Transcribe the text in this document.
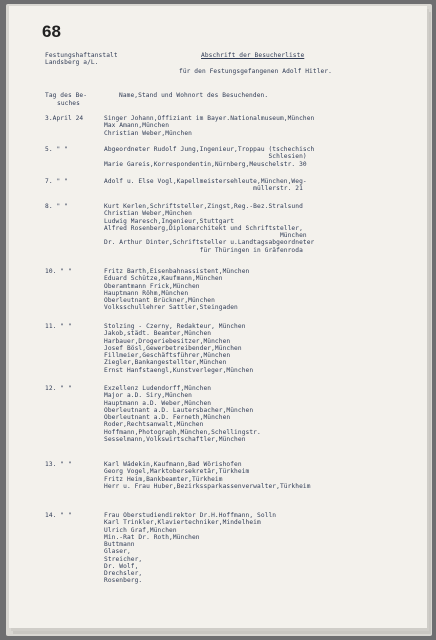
68
Festungshaftanstalt
Landsberg a/L.
Abschrift der Besucherliste
für den Festungsgefangenen Adolf Hitler.
Tag des Be-
suches
Name,Stand und Wohnort des Besuchenden.
3.April 24	Singer Johann,Offiziant im Bayer.Nationalmuseum,München
Max Amann,München
Christian Weber,München
5. " "	Abgeordneter Rudolf Jung,Ingenieur,Troppau (tschechisch
Schlesien)
Marie Gareis,Korrespondentin,Nürnberg,Meuschelstr. 30
7. " "	Adolf u. Else Vogl,Kapellmeistersehleute,München,Weg-
müllerstr. 21
8. " "	Kurt Kerlen,Schriftsteller,Zingst,Reg.-Bez.Stralsund
Christian Weber,München
Ludwig Maresch,Ingenieur,Stuttgart
Alfred Rosenberg,Diplomarchitekt und Schriftsteller,
München
Dr. Arthur Dinter,Schriftsteller u.Landtagsabgeordneter
für Thüringen in Gräfenroda
10. " "	Fritz Barth,Eisenbahnassistent,München
Eduard Schütze,Kaufmann,München
Oberamtmann Frick,München
Hauptmann Röhm,München
Oberleutnant Brückner,München
Volksschullehrer Sattler,Steingaden
11. " "	Stolzing - Czerny, Redakteur, München
Jakob,städt. Beamter,München
Harbauer,Drogeriebesitzer,München
Josef Bösl,Gewerbetreibender,München
Fillmeier,Geschäftsführer,München
Ziegler,Bankangestellter,München
Ernst Hanfstaengl,Kunstverleger,München
12. " "	Exzellenz Ludendorff,München
Major a.D. Siry,München
Hauptmann a.D. Weber,München
Oberleutnant a.D. Lautersbacher,München
Oberleutnant a.D. Ferneth,München
Roder,Rechtsanwalt,München
Hoffmann,Photograph,München,Schellingstr.
Sesselmann,Volkswirtschaftler,München
13. " "	Karl Wädekin,Kaufmann,Bad Wörishofen
Georg Vogel,Marktobersekretär,Türkheim
Fritz Heim,Bankbeamter,Türkheim
Herr u. Frau Huber,Bezirkssparkassenverwalter,Türkheim
14. " "	Frau Oberstudiendirektor Dr.H.Hoffmann, Solln
Karl Trinkler,Klaviertechniker,Mindelheim
Ulrich Graf,München
Min.-Rat Dr. Roth,München
Buttmann
Glaser,
Streicher,
Dr. Wolf,
Drechsler,
Rosenberg.
